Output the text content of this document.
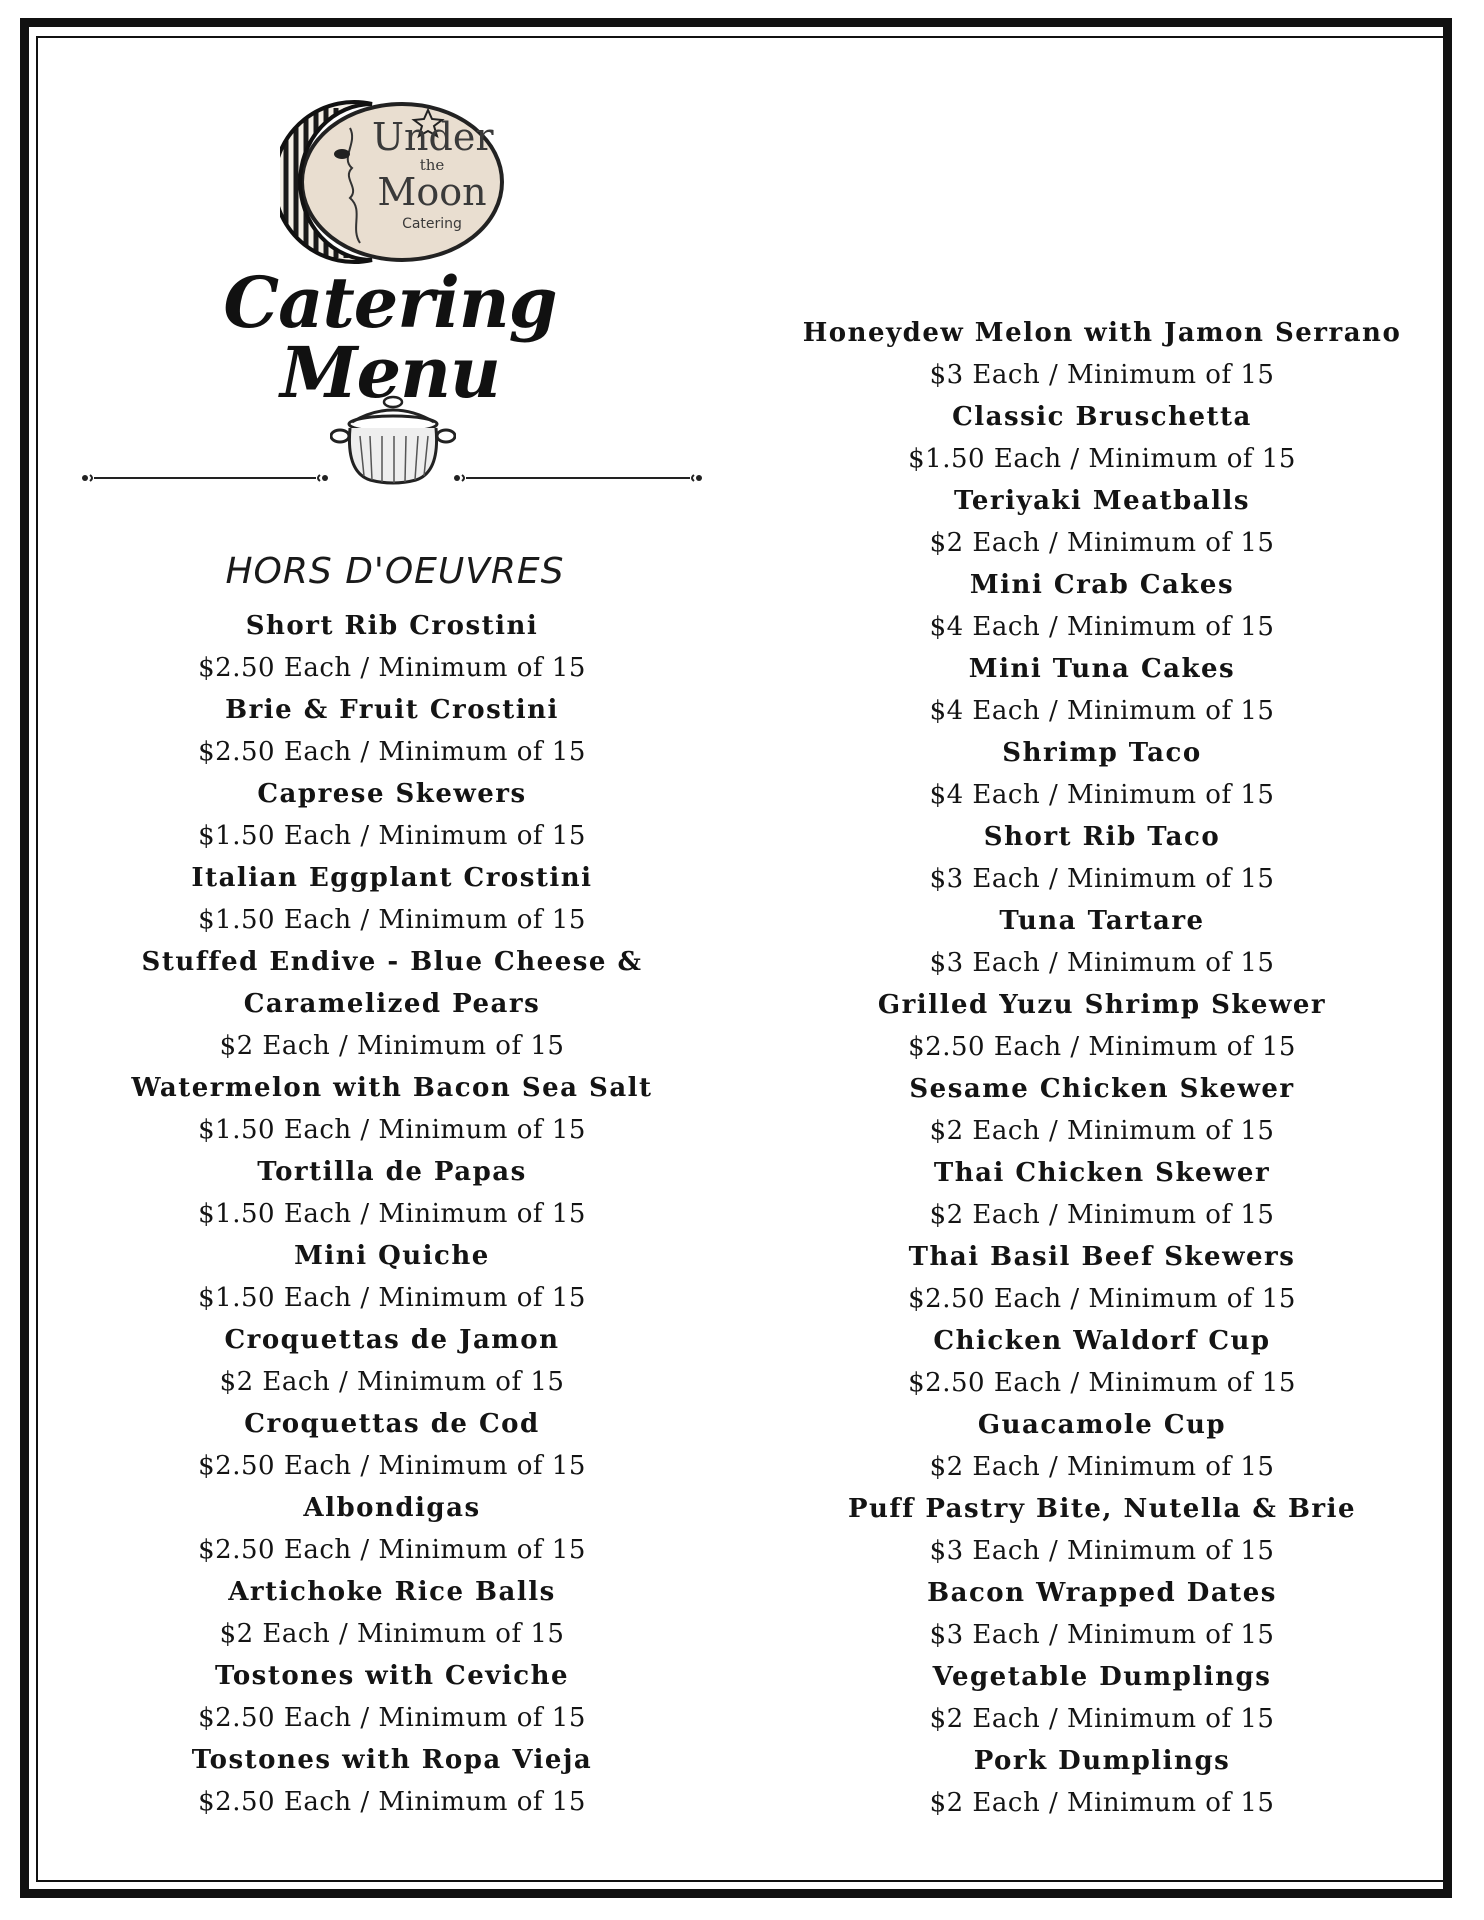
Under
the
Moon
Catering
Catering Menu
HORS D'OEUVRES
Short Rib Crostini
$2.50 Each / Minimum of 15
Brie & Fruit Crostini
$2.50 Each / Minimum of 15
Caprese Skewers
$1.50 Each / Minimum of 15
Italian Eggplant Crostini
$1.50 Each / Minimum of 15
Stuffed Endive - Blue Cheese & Caramelized Pears
$2 Each / Minimum of 15
Watermelon with Bacon Sea Salt
$1.50 Each / Minimum of 15
Tortilla de Papas
$1.50 Each / Minimum of 15
Mini Quiche
$1.50 Each / Minimum of 15
Croquettas de Jamon
$2 Each / Minimum of 15
Croquettas de Cod
$2.50 Each / Minimum of 15
Albondigas
$2.50 Each / Minimum of 15
Artichoke Rice Balls
$2 Each / Minimum of 15
Tostones with Ceviche
$2.50 Each / Minimum of 15
Tostones with Ropa Vieja
$2.50 Each / Minimum of 15
Honeydew Melon with Jamon Serrano
$3 Each / Minimum of 15
Classic Bruschetta
$1.50 Each / Minimum of 15
Teriyaki Meatballs
$2 Each / Minimum of 15
Mini Crab Cakes
$4 Each / Minimum of 15
Mini Tuna Cakes
$4 Each / Minimum of 15
Shrimp Taco
$4 Each / Minimum of 15
Short Rib Taco
$3 Each / Minimum of 15
Tuna Tartare
$3 Each / Minimum of 15
Grilled Yuzu Shrimp Skewer
$2.50 Each / Minimum of 15
Sesame Chicken Skewer
$2 Each / Minimum of 15
Thai Chicken Skewer
$2 Each / Minimum of 15
Thai Basil Beef Skewers
$2.50 Each / Minimum of 15
Chicken Waldorf Cup
$2.50 Each / Minimum of 15
Guacamole Cup
$2 Each / Minimum of 15
Puff Pastry Bite, Nutella & Brie
$3 Each / Minimum of 15
Bacon Wrapped Dates
$3 Each / Minimum of 15
Vegetable Dumplings
$2 Each / Minimum of 15
Pork Dumplings
$2 Each / Minimum of 15
